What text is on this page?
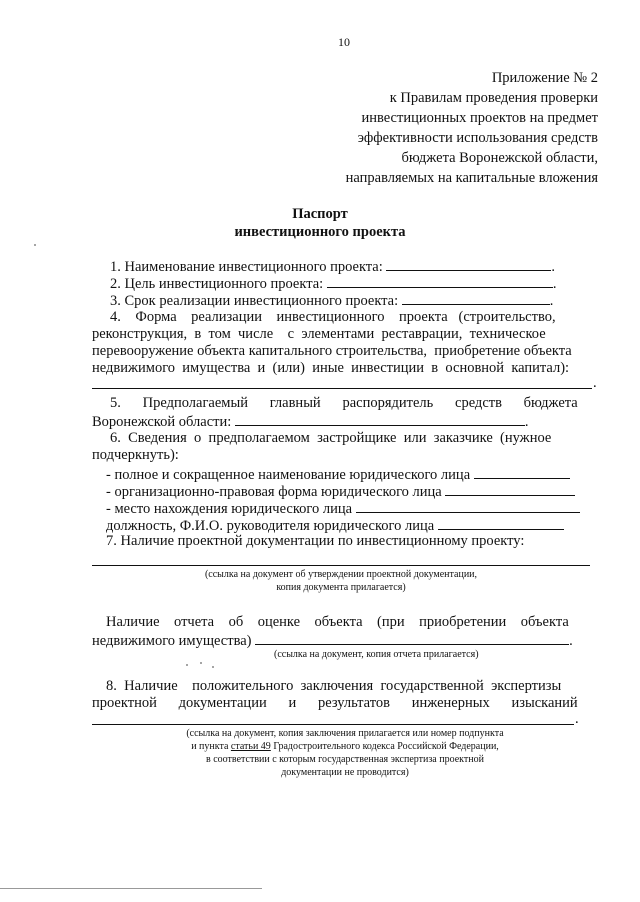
10
Приложение № 2
к Правилам проведения проверки
инвестиционных проектов на предмет
эффективности использования средств
бюджета Воронежской области,
направляемых на капитальные вложения
Паспорт
инвестиционного проекта
1. Наименование инвестиционного проекта:	.
2. Цель инвестиционного проекта:	.
3. Срок реализации инвестиционного проекта:	.
4.    Форма    реализации    инвестиционного    проекта   (строительство,
реконструкция,  в  том  числе    с  элементами  реставрации,  техническое
перевооружение объекта капитального строительства,  приобретение объекта
недвижимого  имущества  и  (или)  иные  инвестиции  в  основной  капитал):
.
5.      Предполагаемый      главный      распорядитель      средств      бюджета
Воронежской области:	.
6.  Сведения  о  предполагаемом  застройщике  или  заказчике  (нужное
подчеркнуть):
- полное и сокращенное наименование юридического лица
- организационно-правовая форма юридического лица
- место нахождения юридического лица
должность, Ф.И.О. руководителя юридического лица
7. Наличие проектной документации по инвестиционному проекту:
(ссылка на документ об утверждении проектной документации,
копия документа прилагается)
Наличие    отчета    об    оценке    объекта    (при    приобретении    объекта
недвижимого имущества)	.
(ссылка на документ, копия отчета прилагается)
8.  Наличие    положительного  заключения  государственной  экспертизы
проектной      документации      и      результатов      инженерных      изысканий
.
(ссылка на документ, копия заключения прилагается или номер подпункта
и пункта статьи 49 Градостроительного кодекса Российской Федерации,
в соответствии с которым государственная экспертиза проектной
документации не проводится)
